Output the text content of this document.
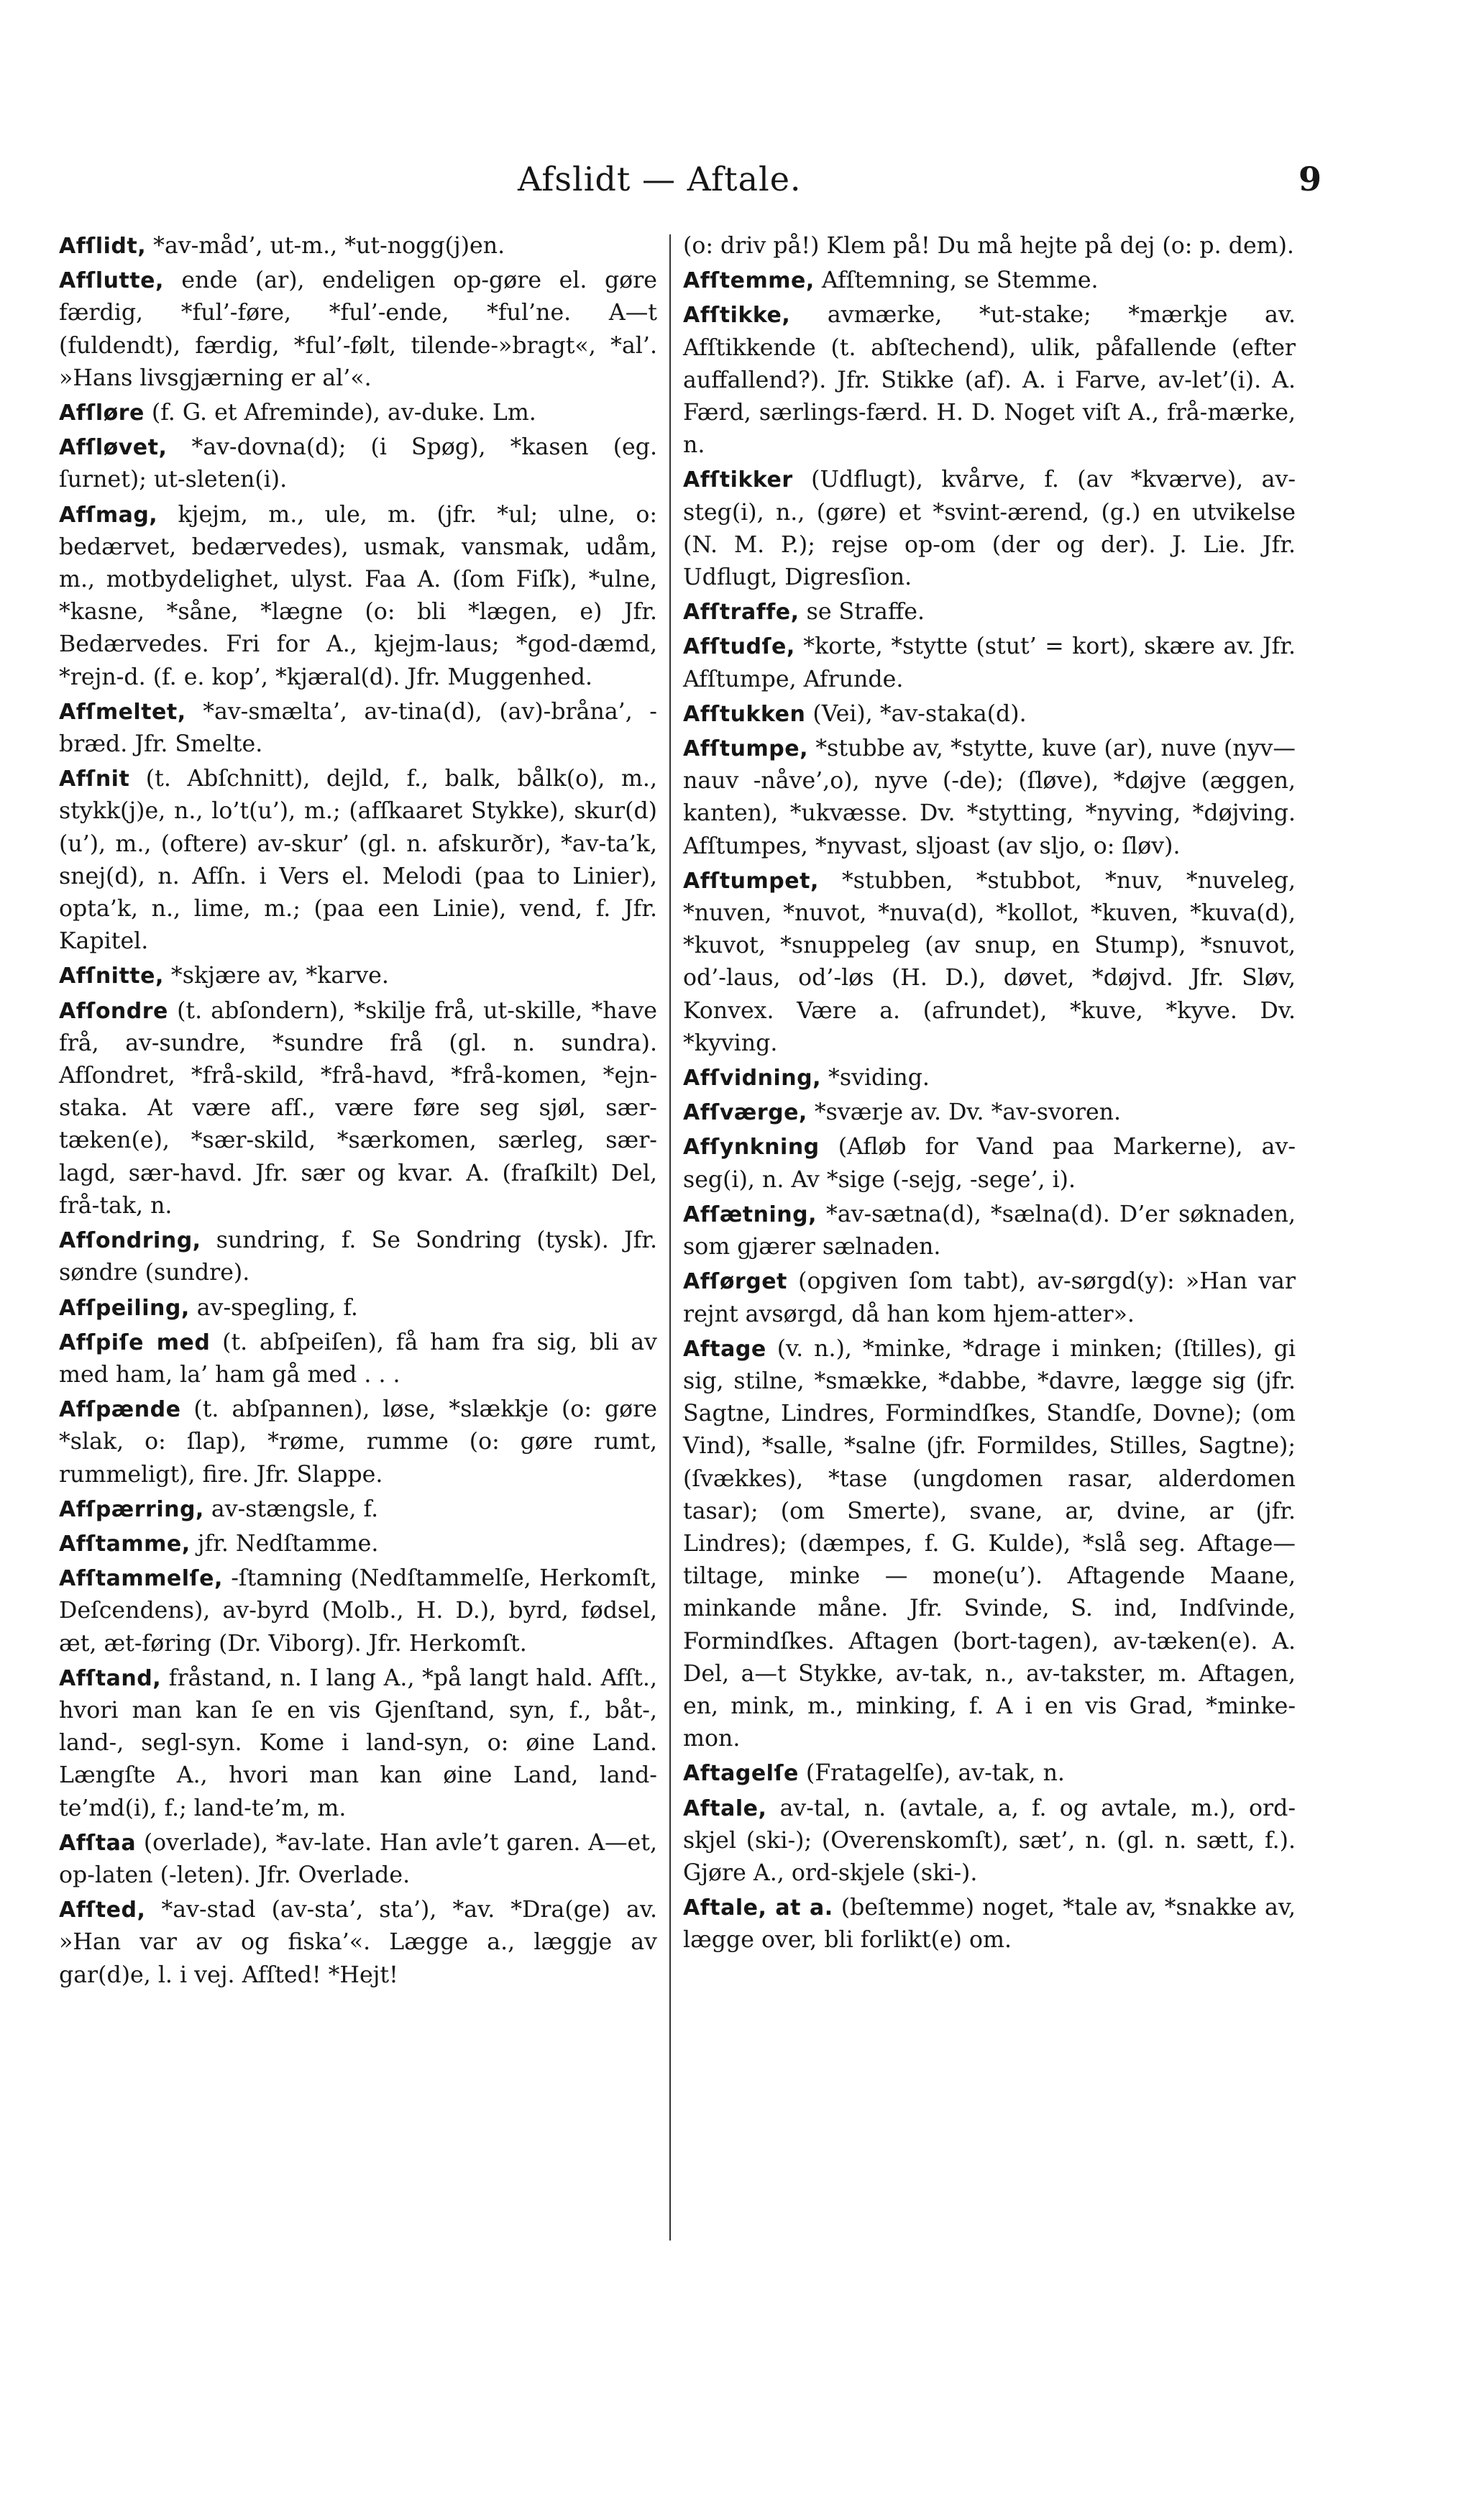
Afslidt — Aftale.	9

Afſlidt, *av-måd’, ut-m., *ut-nogg(j)en.

Afſlutte, ende (ar), endeligen op-gøre el. gøre færdig, *ful’-føre, *ful’-ende, *ful’ne. A—t (fuldendt), færdig, *ful’-følt, tilende-»bragt«, *al’. »Hans livsgjærning er al’«.

Afſløre (f. G. et Afreminde), av-duke. Lm.

Afſløvet, *av-dovna(d); (i Spøg), *kasen (eg. ſurnet); ut-sleten(i).

Afſmag, kjejm, m., ule, m. (jfr. *ul; ulne, o: bedærvet, bedærvedes), usmak, vansmak, udåm, m., motbydelighet, ulyst. Faa A. (ſom Fiſk), *ulne, *kasne, *såne, *lægne (o: bli *lægen, e) Jfr. Bedærvedes. Fri for A., kjejm-laus; *god-dæmd, *rejn-d. (f. e. kop’, *kjæral(d). Jfr. Muggenhed.

Afſmeltet, *av-smælta’, av-tina(d), (av)-bråna’, -bræd. Jfr. Smelte.

Afſnit (t. Abſchnitt), dejld, f., balk, bålk(o), m., stykk(j)e, n., lo’t(u’), m.; (afſkaaret Stykke), skur(d)(u’), m., (oftere) av-skur’ (gl. n. afskurðr), *av-ta’k, snej(d), n. Afſn. i Vers el. Melodi (paa to Linier), opta’k, n., lime, m.; (paa een Linie), vend, f. Jfr. Kapitel.

Afſnitte, *skjære av, *karve.

Afſondre (t. abſondern), *skilje frå, ut-skille, *have frå, av-sundre, *sundre frå (gl. n. sundra). Afſondret, *frå-skild, *frå-havd, *frå-komen, *ejn-staka. At være afſ., være føre seg sjøl, sær-tæken(e), *sær-skild, *særkomen, særleg, sær-lagd, sær-havd. Jfr. sær og kvar. A. (fraſkilt) Del, frå-tak, n.

Afſondring, sundring, f. Se Sondring (tysk). Jfr. søndre (sundre).

Afſpeiling, av-spegling, f.

Afſpiſe med (t. abſpeiſen), få ham fra sig, bli av med ham, la’ ham gå med . . .

Afſpænde (t. abſpannen), løse, *slækkje (o: gøre *slak, o: ſlap), *røme, rumme (o: gøre rumt, rummeligt), fire. Jfr. Slappe.

Afſpærring, av-stængsle, f.

Afſtamme, jfr. Nedſtamme.

Afſtammelſe, -ſtamning (Nedſtammelſe, Herkomſt, Deſcendens), av-byrd (Molb., H. D.), byrd, fødsel, æt, æt-føring (Dr. Viborg). Jfr. Herkomſt.

Afſtand, fråstand, n. I lang A., *på langt hald. Afſt., hvori man kan ſe en vis Gjenſtand, syn, f., båt-, land-, segl-syn. Kome i land-syn, o: øine Land. Længſte A., hvori man kan øine Land, land-te’md(i), f.; land-te’m, m.

Afſtaa (overlade), *av-late. Han avle’t garen. A—et, op-laten (-leten). Jfr. Overlade.

Afſted, *av-stad (av-sta’, sta’), *av. *Dra(ge) av. »Han var av og fiska’«. Lægge a., læggje av gar(d)e, l. i vej. Afſted! *Hejt!

(o: driv på!) Klem på! Du må hejte på dej (o: p. dem).

Afſtemme, Afſtemning, se Stemme.

Afſtikke, avmærke, *ut-stake; *mærkje av. Afſtikkende (t. abſtechend), ulik, påfallende (efter auffallend?). Jfr. Stikke (af). A. i Farve, av-let’(i). A. Færd, særlings-færd. H. D. Noget viſt A., frå-mærke, n.

Afſtikker (Udflugt), kvårve, f. (av *kværve), av-steg(i), n., (gøre) et *svint-ærend, (g.) en utvikelse (N. M. P.); rejse op-om (der og der). J. Lie. Jfr. Udflugt, Digresſion.

Afſtraffe, se Straffe.

Afſtudſe, *korte, *stytte (stut’ = kort), skære av. Jfr. Afſtumpe, Afrunde.

Afſtukken (Vei), *av-staka(d).

Afſtumpe, *stubbe av, *stytte, kuve (ar), nuve (nyv—nauv -nåve’,o), nyve (-de); (ſløve), *døjve (æggen, kanten), *ukvæsse. Dv. *stytting, *nyving, *døjving. Afſtumpes, *nyvast, sljoast (av sljo, o: ſløv).

Afſtumpet, *stubben, *stubbot, *nuv, *nuveleg, *nuven, *nuvot, *nuva(d), *kollot, *kuven, *kuva(d), *kuvot, *snuppeleg (av snup, en Stump), *snuvot, od’-laus, od’-løs (H. D.), døvet, *døjvd. Jfr. Sløv, Konvex. Være a. (afrundet), *kuve, *kyve. Dv. *kyving.

Afſvidning, *sviding.

Afſværge, *sværje av. Dv. *av-svoren.

Afſynkning (Afløb for Vand paa Markerne), av-seg(i), n. Av *sige (-sejg, -sege’, i).

Afſætning, *av-sætna(d), *sælna(d). D’er søknaden, som gjærer sælnaden.

Afſørget (opgiven ſom tabt), av-sørgd(y): »Han var rejnt avsørgd, då han kom hjem-atter».

Aftage (v. n.), *minke, *drage i minken; (ſtilles), gi sig, stilne, *smække, *dabbe, *davre, lægge sig (jfr. Sagtne, Lindres, Formindſkes, Standſe, Dovne); (om Vind), *salle, *salne (jfr. Formildes, Stilles, Sagtne); (ſvækkes), *tase (ungdomen rasar, alderdomen tasar); (om Smerte), svane, ar, dvine, ar (jfr. Lindres); (dæmpes, f. G. Kulde), *slå seg. Aftage—tiltage, minke — mone(u’). Aftagende Maane, minkande måne. Jfr. Svinde, S. ind, Indſvinde, Formindſkes. Aftagen (bort-tagen), av-tæken(e). A. Del, a—t Stykke, av-tak, n., av-takster, m. Aftagen, en, mink, m., minking, f. A i en vis Grad, *minke-mon.

Aftagelſe (Fratagelſe), av-tak, n.

Aftale, av-tal, n. (avtale, a, f. og avtale, m.), ord-skjel (ski-); (Overenskomſt), sæt’, n. (gl. n. sætt, f.). Gjøre A., ord-skjele (ski-).

Aftale, at a. (beſtemme) noget, *tale av, *snakke av, lægge over, bli forlikt(e) om.
